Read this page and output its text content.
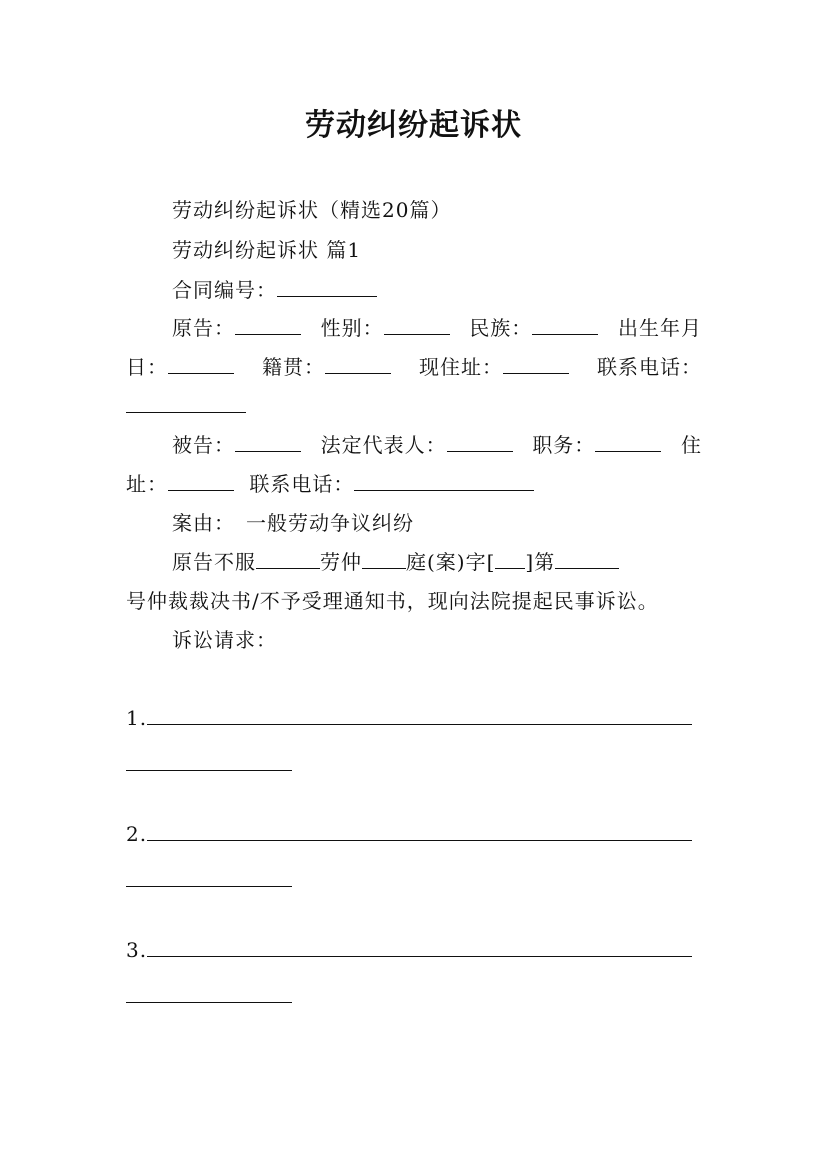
劳动纠纷起诉状
劳动纠纷起诉状（精选20篇）
劳动纠纷起诉状 篇1
合同编号：
原告：	性别：	民族：	出生年月
日：	籍贯：	现住址：	联系电话：
被告：	法定代表人：	职务：	住
址：	联系电话：
案由：　一般劳动争议纠纷
原告不服	劳仲 庭(案)字[ ]第
号仲裁裁决书/不予受理通知书，现向法院提起民事诉讼。
诉讼请求：
1.
2.
3.
